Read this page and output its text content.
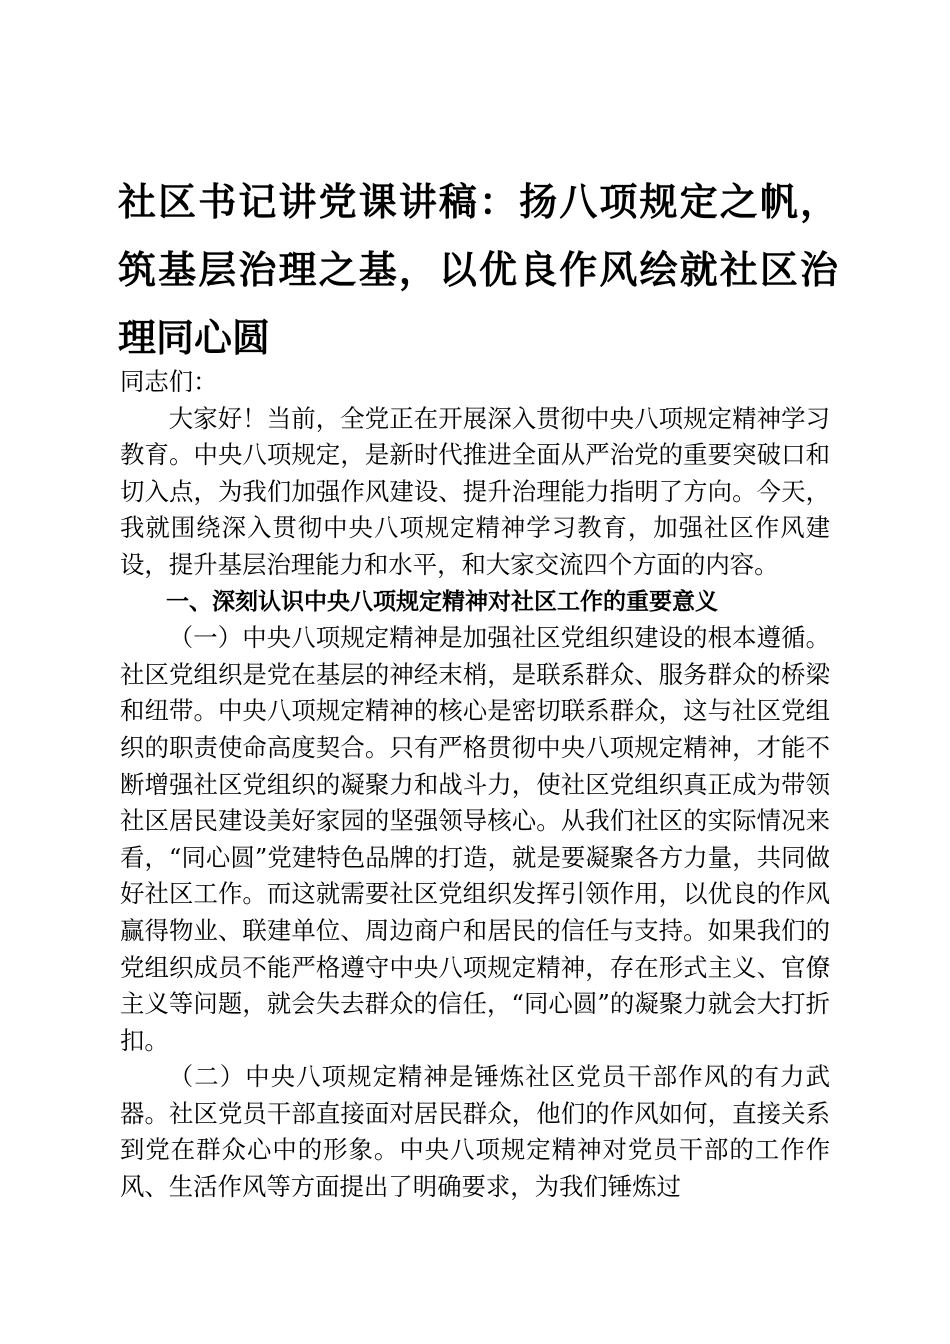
社区书记讲党课讲稿：扬八项规定之帆，筑基层治理之基，以优良作风绘就社区治理同心圆

同志们：

大家好！当前，全党正在开展深入贯彻中央八项规定精神学习教育。中央八项规定，是新时代推进全面从严治党的重要突破口和切入点，为我们加强作风建设、提升治理能力指明了方向。今天，我就围绕深入贯彻中央八项规定精神学习教育，加强社区作风建设，提升基层治理能力和水平，和大家交流四个方面的内容。

一、深刻认识中央八项规定精神对社区工作的重要意义

（一）中央八项规定精神是加强社区党组织建设的根本遵循。社区党组织是党在基层的神经末梢，是联系群众、服务群众的桥梁和纽带。中央八项规定精神的核心是密切联系群众，这与社区党组织的职责使命高度契合。只有严格贯彻中央八项规定精神，才能不断增强社区党组织的凝聚力和战斗力，使社区党组织真正成为带领社区居民建设美好家园的坚强领导核心。从我们社区的实际情况来看，“同心圆”党建特色品牌的打造，就是要凝聚各方力量，共同做好社区工作。而这就需要社区党组织发挥引领作用，以优良的作风赢得物业、联建单位、周边商户和居民的信任与支持。如果我们的党组织成员不能严格遵守中央八项规定精神，存在形式主义、官僚主义等问题，就会失去群众的信任，“同心圆”的凝聚力就会大打折扣。

（二）中央八项规定精神是锤炼社区党员干部作风的有力武器。社区党员干部直接面对居民群众，他们的作风如何，直接关系到党在群众心中的形象。中央八项规定精神对党员干部的工作作风、生活作风等方面提出了明确要求，为我们锤炼过
